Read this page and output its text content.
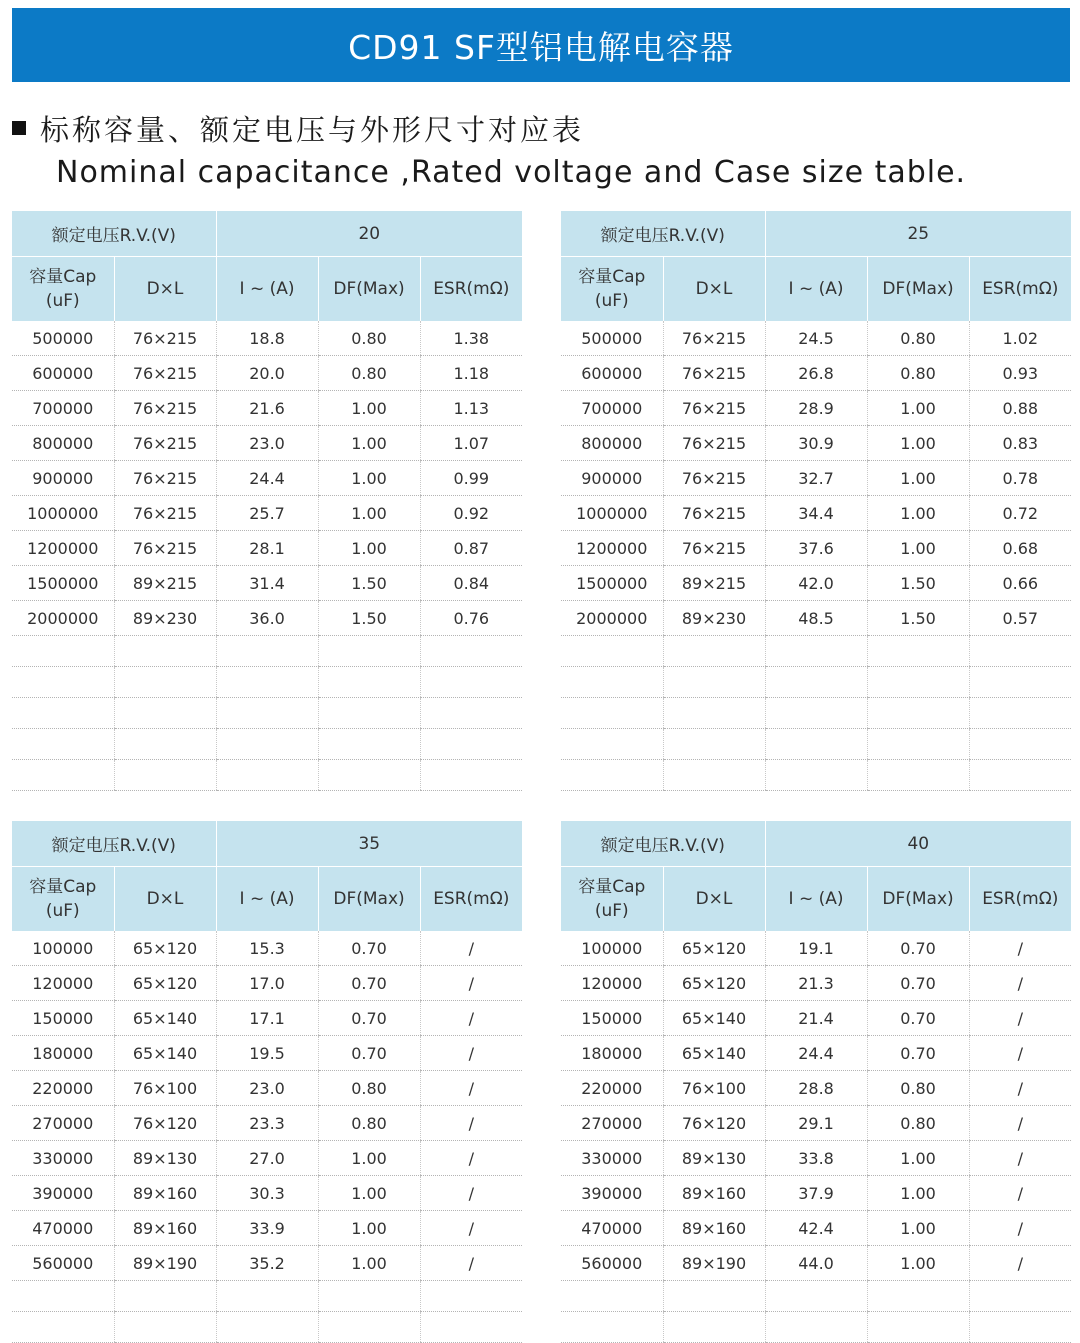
CD91 SF型铝电解电容器
标称容量、额定电压与外形尺寸对应表
Nominal capacitance ,Rated voltage and Case size table.
额定电压R.V.(V)		20		

容量Cap
(uF)	D×L	I ~ (A)	DF(Max)	ESR(mΩ)
500000	76×215	18.8	0.80	1.38
600000	76×215	20.0	0.80	1.18
700000	76×215	21.6	1.00	1.13
800000	76×215	23.0	1.00	1.07
900000	76×215	24.4	1.00	0.99
1000000	76×215	25.7	1.00	0.92
1200000	76×215	28.1	1.00	0.87
1500000	89×215	31.4	1.50	0.84
2000000	89×230	36.0	1.50	0.76

额定电压R.V.(V)		25		

容量Cap
(uF)	D×L	I ~ (A)	DF(Max)	ESR(mΩ)
500000	76×215	24.5	0.80	1.02
600000	76×215	26.8	0.80	0.93
700000	76×215	28.9	1.00	0.88
800000	76×215	30.9	1.00	0.83
900000	76×215	32.7	1.00	0.78
1000000	76×215	34.4	1.00	0.72
1200000	76×215	37.6	1.00	0.68
1500000	89×215	42.0	1.50	0.66
2000000	89×230	48.5	1.50	0.57

额定电压R.V.(V)		35		

容量Cap
(uF)	D×L	I ~ (A)	DF(Max)	ESR(mΩ)
100000	65×120	15.3	0.70	/
120000	65×120	17.0	0.70	/
150000	65×140	17.1	0.70	/
180000	65×140	19.5	0.70	/
220000	76×100	23.0	0.80	/
270000	76×120	23.3	0.80	/
330000	89×130	27.0	1.00	/
390000	89×160	30.3	1.00	/
470000	89×160	33.9	1.00	/
560000	89×190	35.2	1.00	/

额定电压R.V.(V)		40		

容量Cap
(uF)	D×L	I ~ (A)	DF(Max)	ESR(mΩ)
100000	65×120	19.1	0.70	/
120000	65×120	21.3	0.70	/
150000	65×140	21.4	0.70	/
180000	65×140	24.4	0.70	/
220000	76×100	28.8	0.80	/
270000	76×120	29.1	0.80	/
330000	89×130	33.8	1.00	/
390000	89×160	37.9	1.00	/
470000	89×160	42.4	1.00	/
560000	89×190	44.0	1.00	/
